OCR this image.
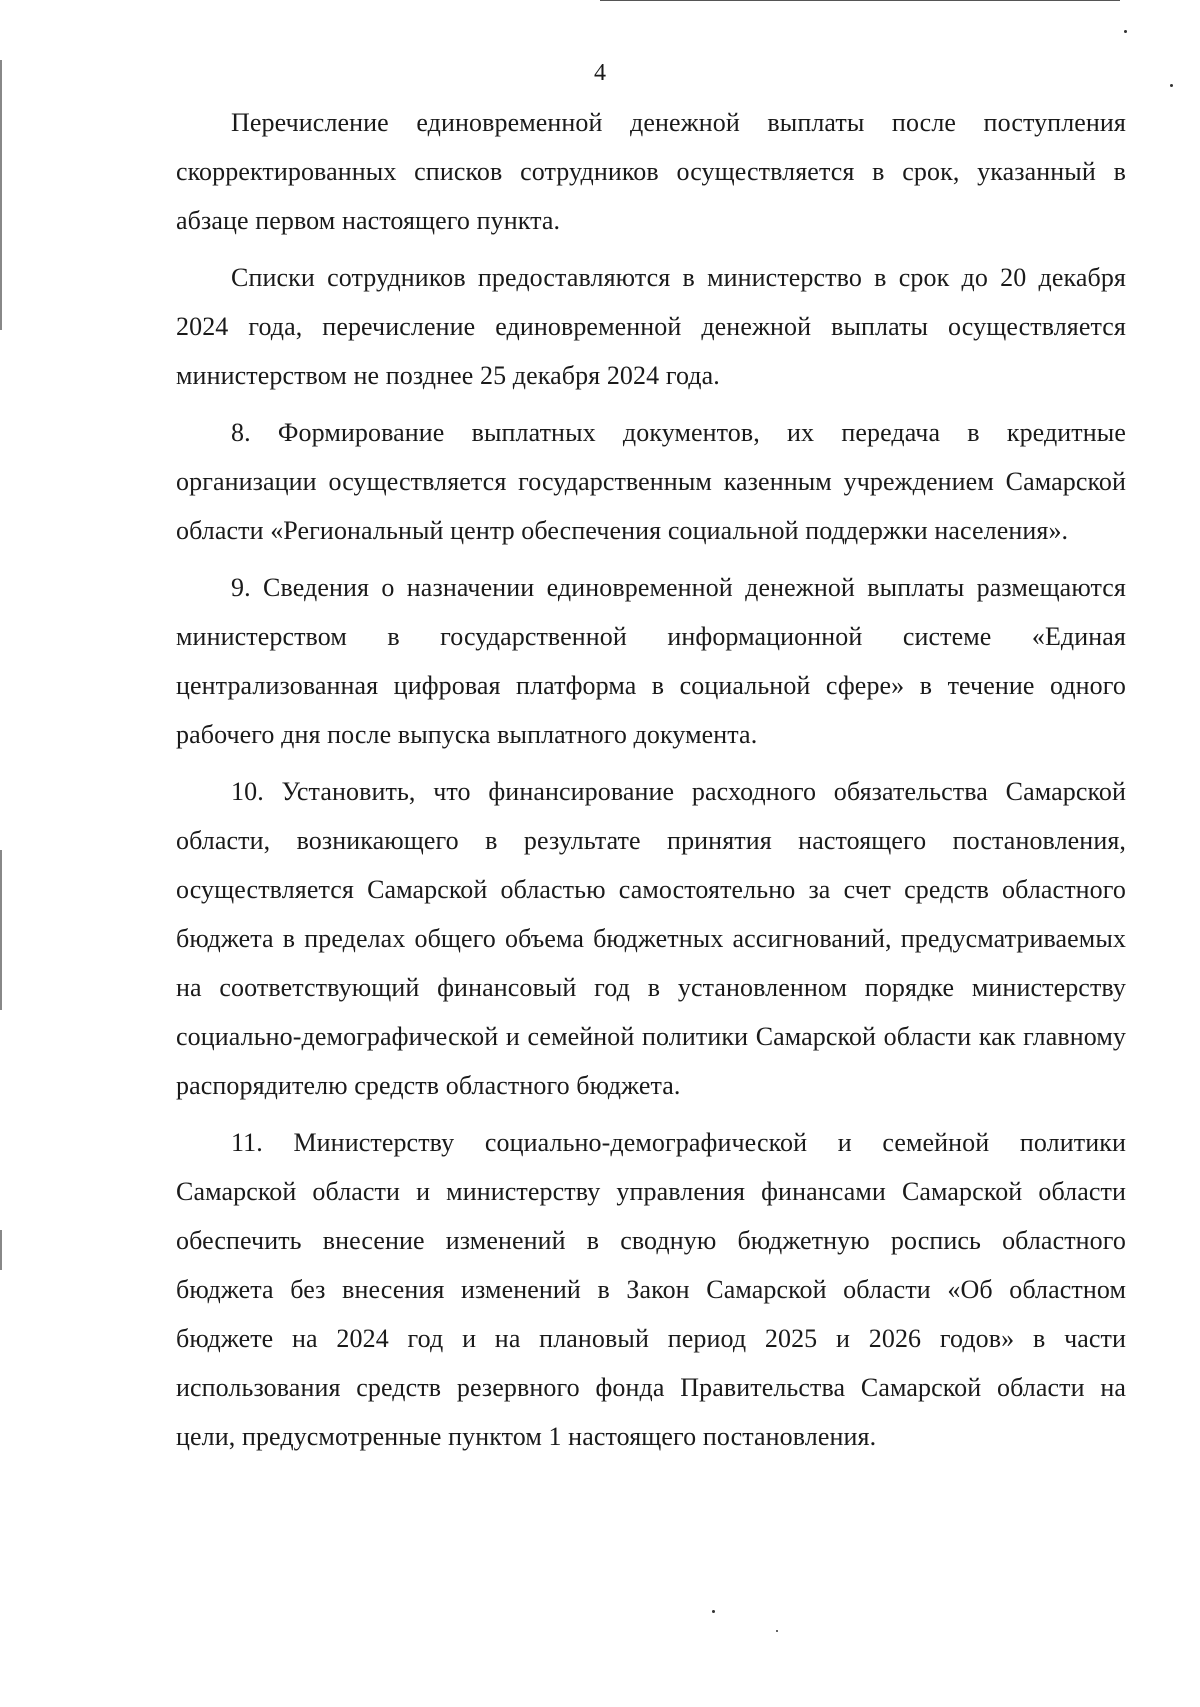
4

Перечисление единовременной денежной выплаты после поступления скорректированных списков сотрудников осуществляется в срок, указанный в абзаце первом настоящего пункта.

Списки сотрудников предоставляются в министерство в срок до 20 декабря 2024 года, перечисление единовременной денежной выплаты осуществляется министерством не позднее 25 декабря 2024 года.

8. Формирование выплатных документов, их передача в кредитные организации осуществляется государственным казенным учреждением Самарской области «Региональный центр обеспечения социальной поддержки населения».

9. Сведения о назначении единовременной денежной выплаты размещаются министерством в государственной информационной системе «Единая централизованная цифровая платформа в социальной сфере» в течение одного рабочего дня после выпуска выплатного документа.

10. Установить, что финансирование расходного обязательства Самарской области, возникающего в результате принятия настоящего постановления, осуществляется Самарской областью самостоятельно за счет средств областного бюджета в пределах общего объема бюджетных ассигнований, предусматриваемых на соответствующий финансовый год в установленном порядке министерству социально-демографической и семейной политики Самарской области как главному распорядителю средств областного бюджета.

11. Министерству социально-демографической и семейной политики Самарской области и министерству управления финансами Самарской области обеспечить внесение изменений в сводную бюджетную роспись областного бюджета без внесения изменений в Закон Самарской области «Об областном бюджете на 2024 год и на плановый период 2025 и 2026 годов» в части использования средств резервного фонда Правительства Самарской области на цели, предусмотренные пунктом 1 настоящего постановления.
